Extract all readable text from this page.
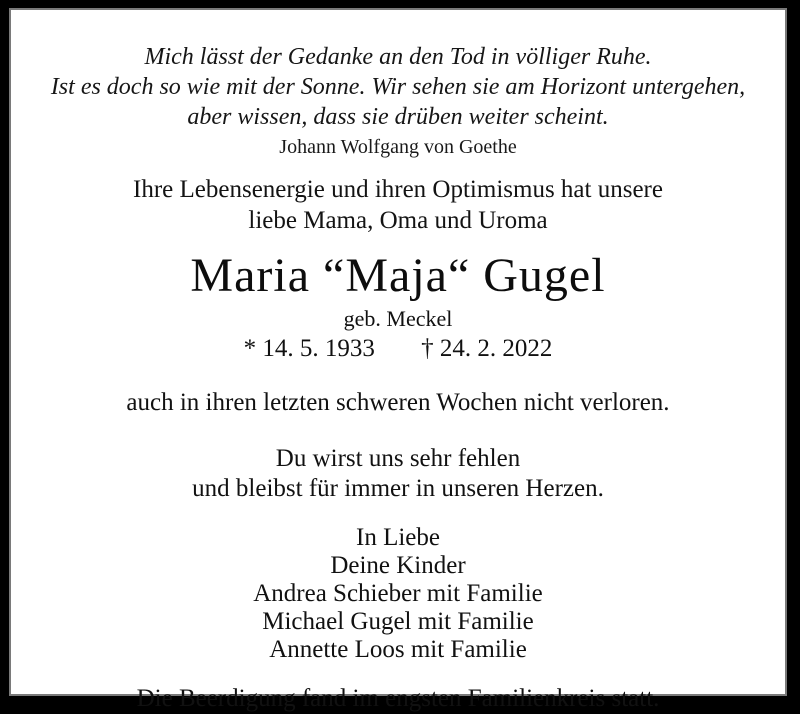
Mich lässt der Gedanke an den Tod in völliger Ruhe.
Ist es doch so wie mit der Sonne. Wir sehen sie am Horizont untergehen,
aber wissen, dass sie drüben weiter scheint.
Johann Wolfgang von Goethe
Ihre Lebensenergie und ihren Optimismus hat unsere
liebe Mama, Oma und Uroma
Maria “Maja“ Gugel
geb. Meckel
* 14. 5. 1933 † 24. 2. 2022
auch in ihren letzten schweren Wochen nicht verloren.
Du wirst uns sehr fehlen
und bleibst für immer in unseren Herzen.
In Liebe
Deine Kinder
Andrea Schieber mit Familie
Michael Gugel mit Familie
Annette Loos mit Familie
Die Beerdigung fand im engsten Familienkreis statt.
